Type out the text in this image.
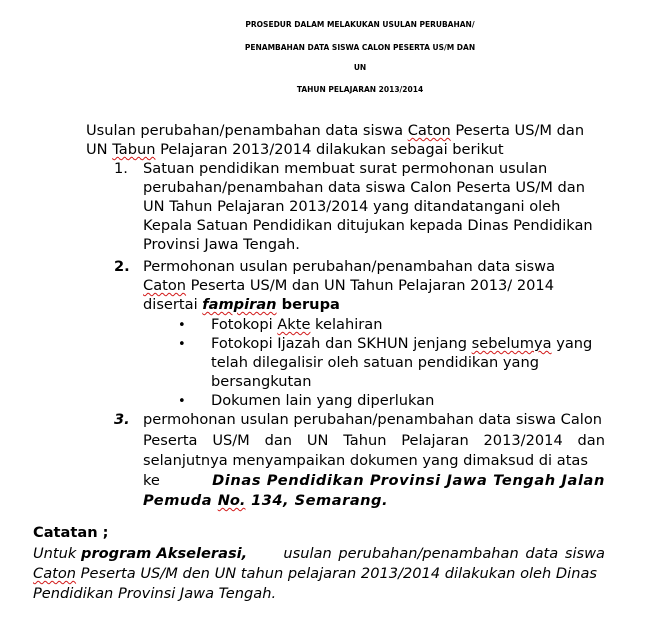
PROSEDUR DALAM MELAKUKAN USULAN PERUBAHAN/
PENAMBAHAN DATA SISWA CALON PESERTA US/M DAN
UN
TAHUN PELAJARAN 2013/2014
Usulan perubahan/penambahan data siswa Caton Peserta US/M dan
UN Tabun Pelajaran 2013/2014 dilakukan sebagai berikut
1. Satuan pendidikan membuat surat permohonan usulan
perubahan/penambahan data siswa Calon Peserta US/M dan
UN Tahun Pelajaran 2013/2014 yang ditandatangani oleh
Kepala Satuan Pendidikan ditujukan kepada Dinas Pendidikan
Provinsi Jawa Tengah.
2. Permohonan usulan perubahan/penambahan data siswa
Caton Peserta US/M dan UN Tahun Pelajaran 2013/ 2014
disertai fampiran berupa
• Fotokopi Akte kelahiran
• Fotokopi Ijazah dan SKHUN jenjang sebelumya yang
telah dilegalisir oleh satuan pendidikan yang
bersangkutan
• Dokumen lain yang diperlukan
3. permohonan usulan perubahan/penambahan data siswa Calon
Peserta US/M dan UN Tahun Pelajaran 2013/2014 dan
selanjutnya menyampaikan dokumen yang dimaksud di atas
ke	Dinas Pendidikan Provinsi Jawa Tengah Jalan
Pemuda No. 134, Semarang.
Catatan ;
Untuk program Akselerasi, usulan perubahan/penambahan data siswa
Caton Peserta US/M den UN tahun pelajaran 2013/2014 dilakukan oleh Dinas
Pendidikan Provinsi Jawa Tengah.
